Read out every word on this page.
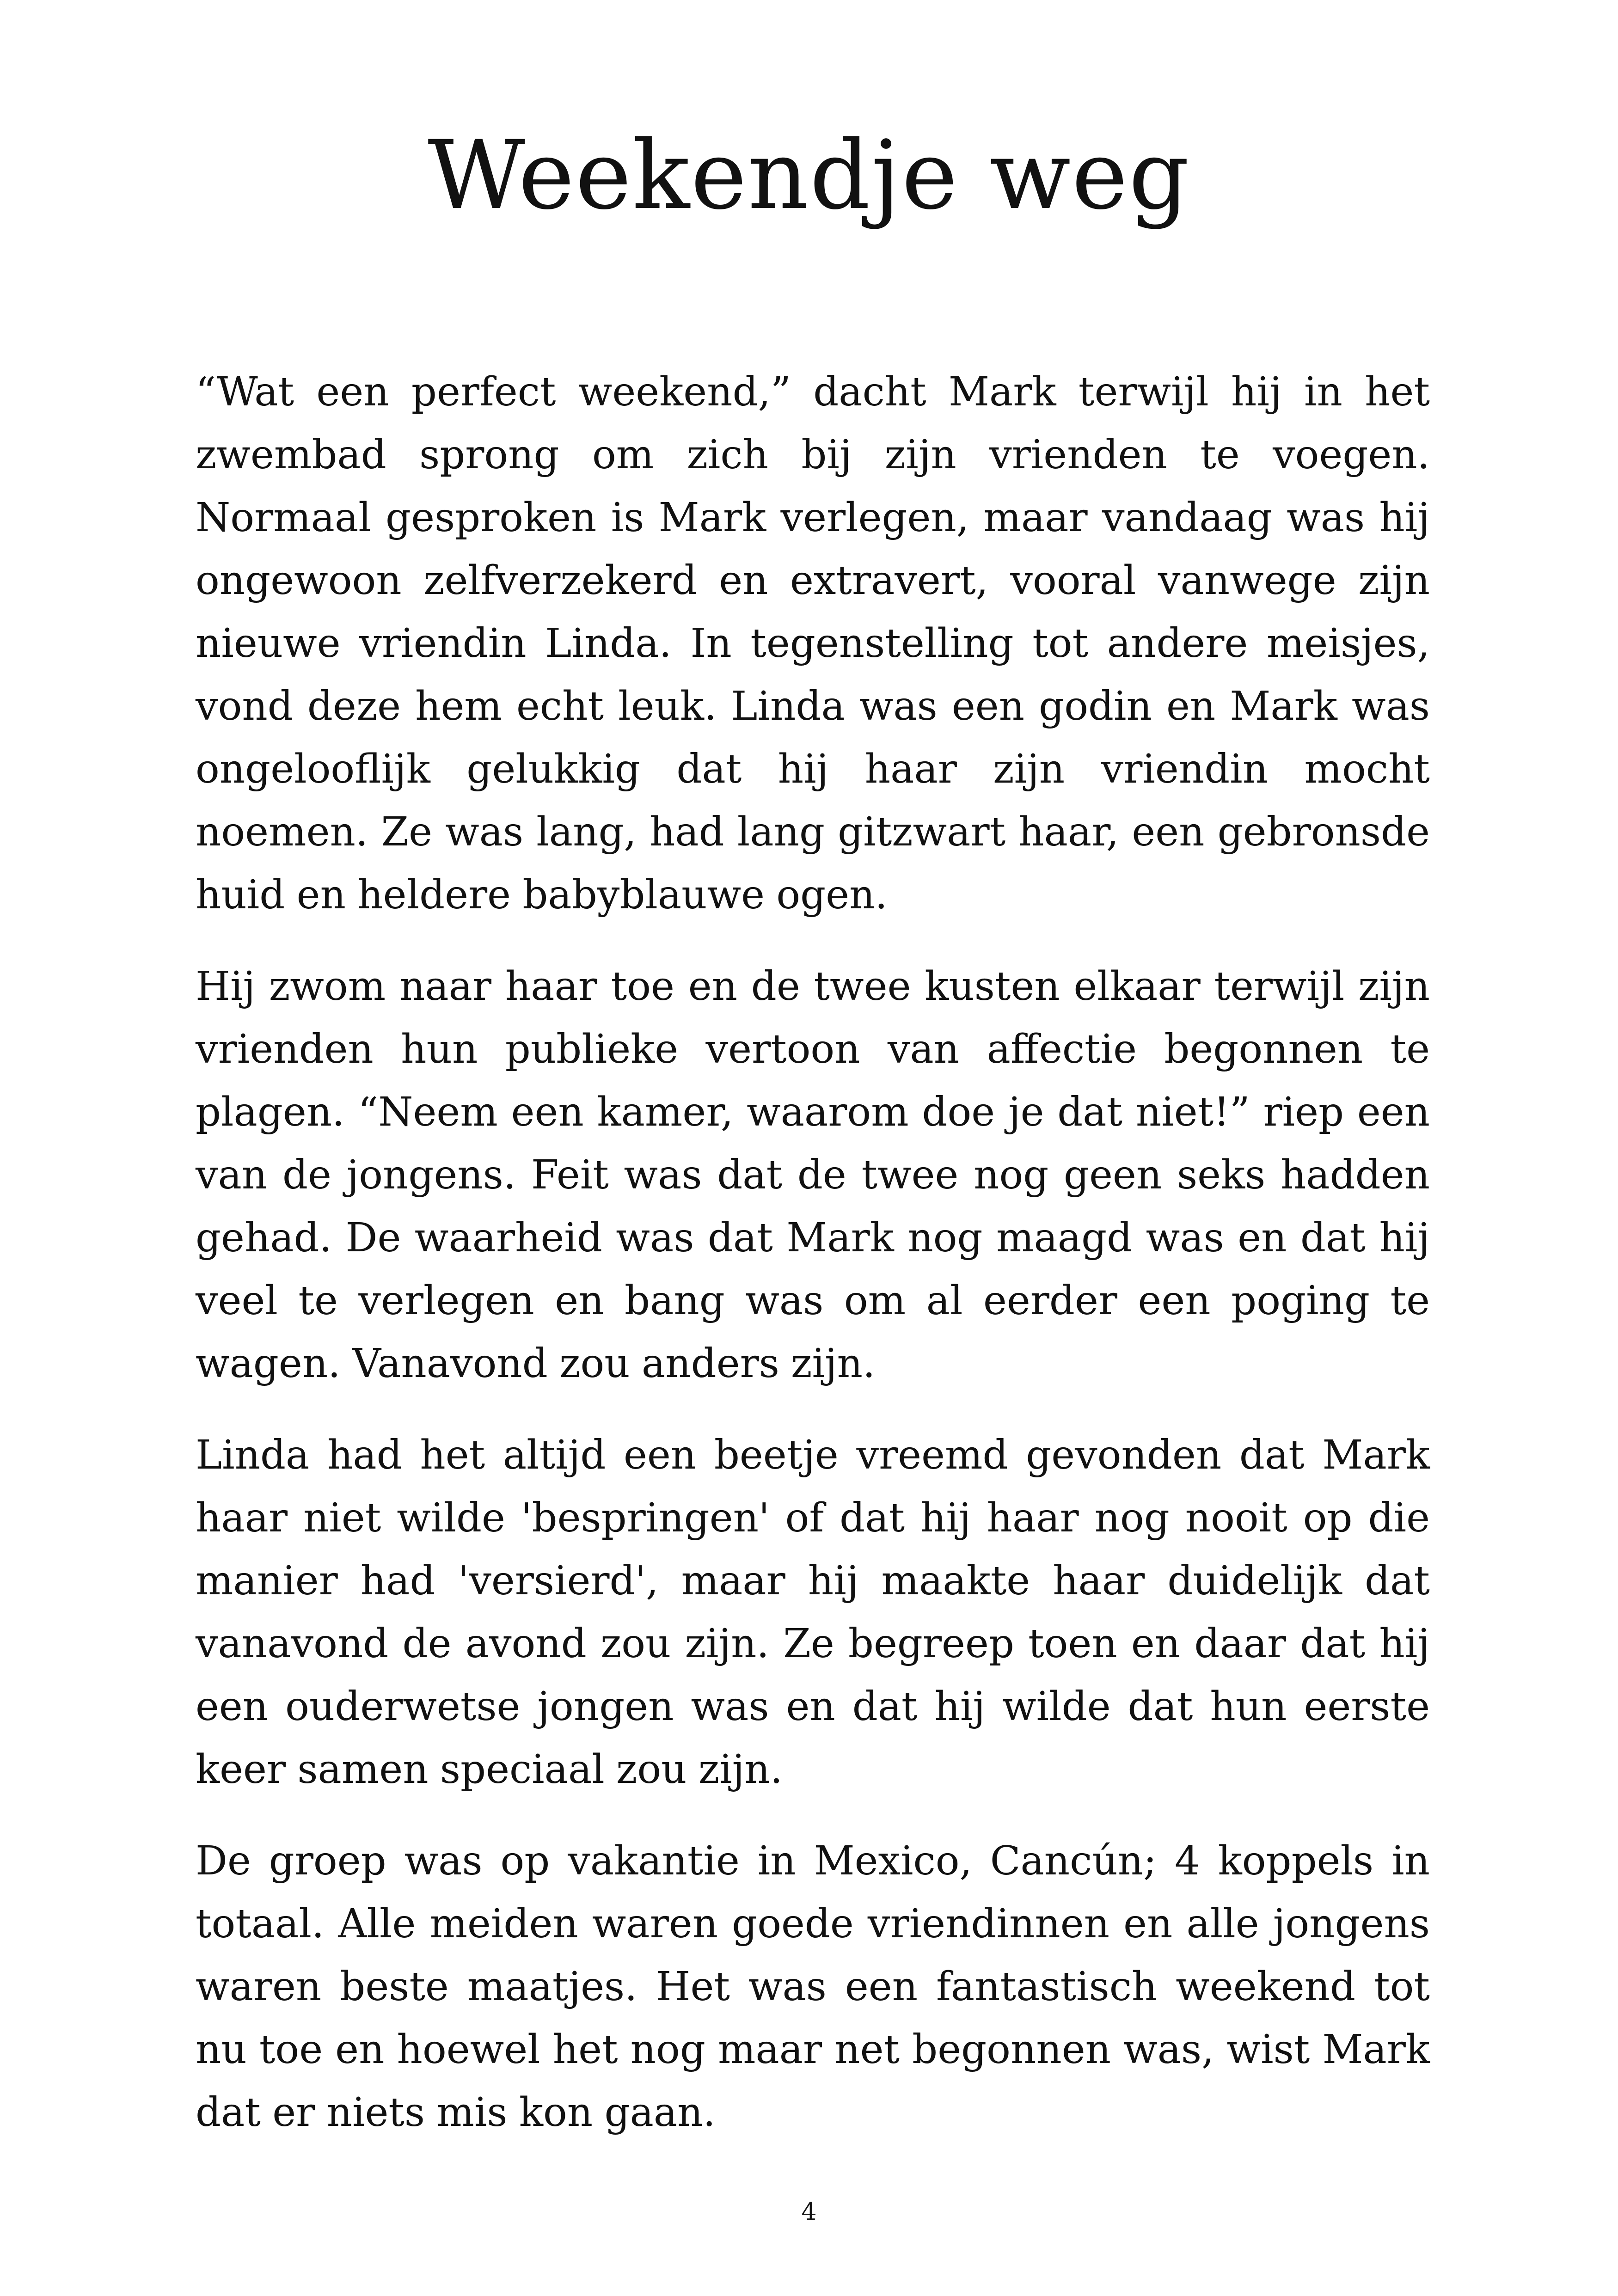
Weekendje weg

“Wat een perfect weekend,” dacht Mark terwijl hij in het zwembad sprong om zich bij zijn vrienden te voegen. Normaal gesproken is Mark verlegen, maar vandaag was hij ongewoon zelfverzekerd en extravert, vooral vanwege zijn nieuwe vriendin Linda. In tegenstelling tot andere meisjes, vond deze hem echt leuk. Linda was een godin en Mark was ongelooflijk gelukkig dat hij haar zijn vriendin mocht noemen. Ze was lang, had lang gitzwart haar, een gebronsde huid en heldere babyblauwe ogen.

Hij zwom naar haar toe en de twee kusten elkaar terwijl zijn vrienden hun publieke vertoon van affectie begonnen te plagen. “Neem een kamer, waarom doe je dat niet!” riep een van de jongens. Feit was dat de twee nog geen seks hadden gehad. De waarheid was dat Mark nog maagd was en dat hij veel te verlegen en bang was om al eerder een poging te wagen. Vanavond zou anders zijn.

Linda had het altijd een beetje vreemd gevonden dat Mark haar niet wilde 'bespringen' of dat hij haar nog nooit op die manier had 'versierd', maar hij maakte haar duidelijk dat vanavond de avond zou zijn. Ze begreep toen en daar dat hij een ouderwetse jongen was en dat hij wilde dat hun eerste keer samen speciaal zou zijn.

De groep was op vakantie in Mexico, Cancún; 4 koppels in totaal. Alle meiden waren goede vriendinnen en alle jongens waren beste maatjes. Het was een fantastisch weekend tot nu toe en hoewel het nog maar net begonnen was, wist Mark dat er niets mis kon gaan.

4
